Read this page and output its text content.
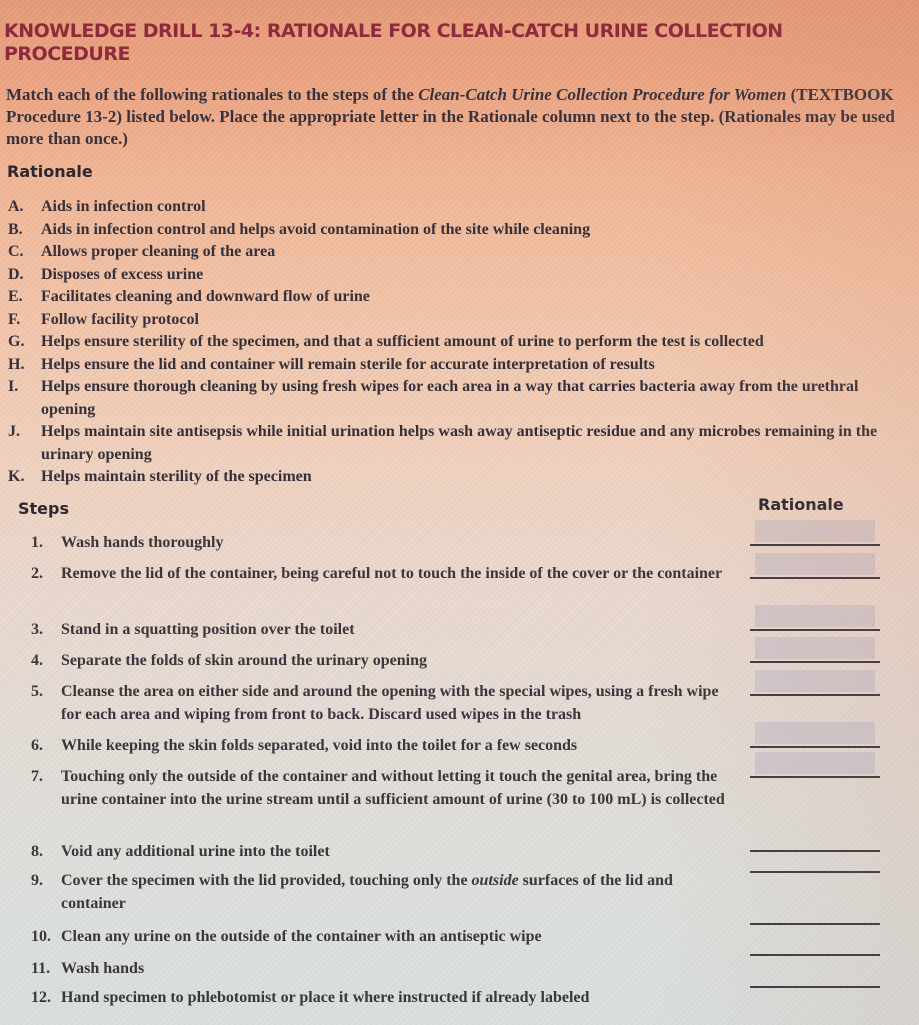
KNOWLEDGE DRILL 13-4: RATIONALE FOR CLEAN-CATCH URINE COLLECTION PROCEDURE
Match each of the following rationales to the steps of the Clean-Catch Urine Collection Procedure for Women (TEXTBOOK Procedure 13-2) listed below. Place the appropriate letter in the Rationale column next to the step. (Rationales may be used more than once.)
Rationale
A. Aids in infection control
B. Aids in infection control and helps avoid contamination of the site while cleaning
C. Allows proper cleaning of the area
D. Disposes of excess urine
E. Facilitates cleaning and downward flow of urine
F. Follow facility protocol
G. Helps ensure sterility of the specimen, and that a sufficient amount of urine to perform the test is collected
H. Helps ensure the lid and container will remain sterile for accurate interpretation of results
I. Helps ensure thorough cleaning by using fresh wipes for each area in a way that carries bacteria away from the urethral opening
J. Helps maintain site antisepsis while initial urination helps wash away antiseptic residue and any microbes remaining in the urinary opening
K. Helps maintain sterility of the specimen
Steps	Rationale
1.	Wash hands thoroughly
2.	Remove the lid of the container, being careful not to touch the inside of the cover or the container
3.	Stand in a squatting position over the toilet
4.	Separate the folds of skin around the urinary opening
5.	Cleanse the area on either side and around the opening with the special wipes, using a fresh wipe for each area and wiping from front to back. Discard used wipes in the trash
6.	While keeping the skin folds separated, void into the toilet for a few seconds
7.	Touching only the outside of the container and without letting it touch the genital area, bring the urine container into the urine stream until a sufficient amount of urine (30 to 100 mL) is collected
8.	Void any additional urine into the toilet
9.	Cover the specimen with the lid provided, touching only the outside surfaces of the lid and container
10. Clean any urine on the outside of the container with an antiseptic wipe
11. Wash hands
12. Hand specimen to phlebotomist or place it where instructed if already labeled
